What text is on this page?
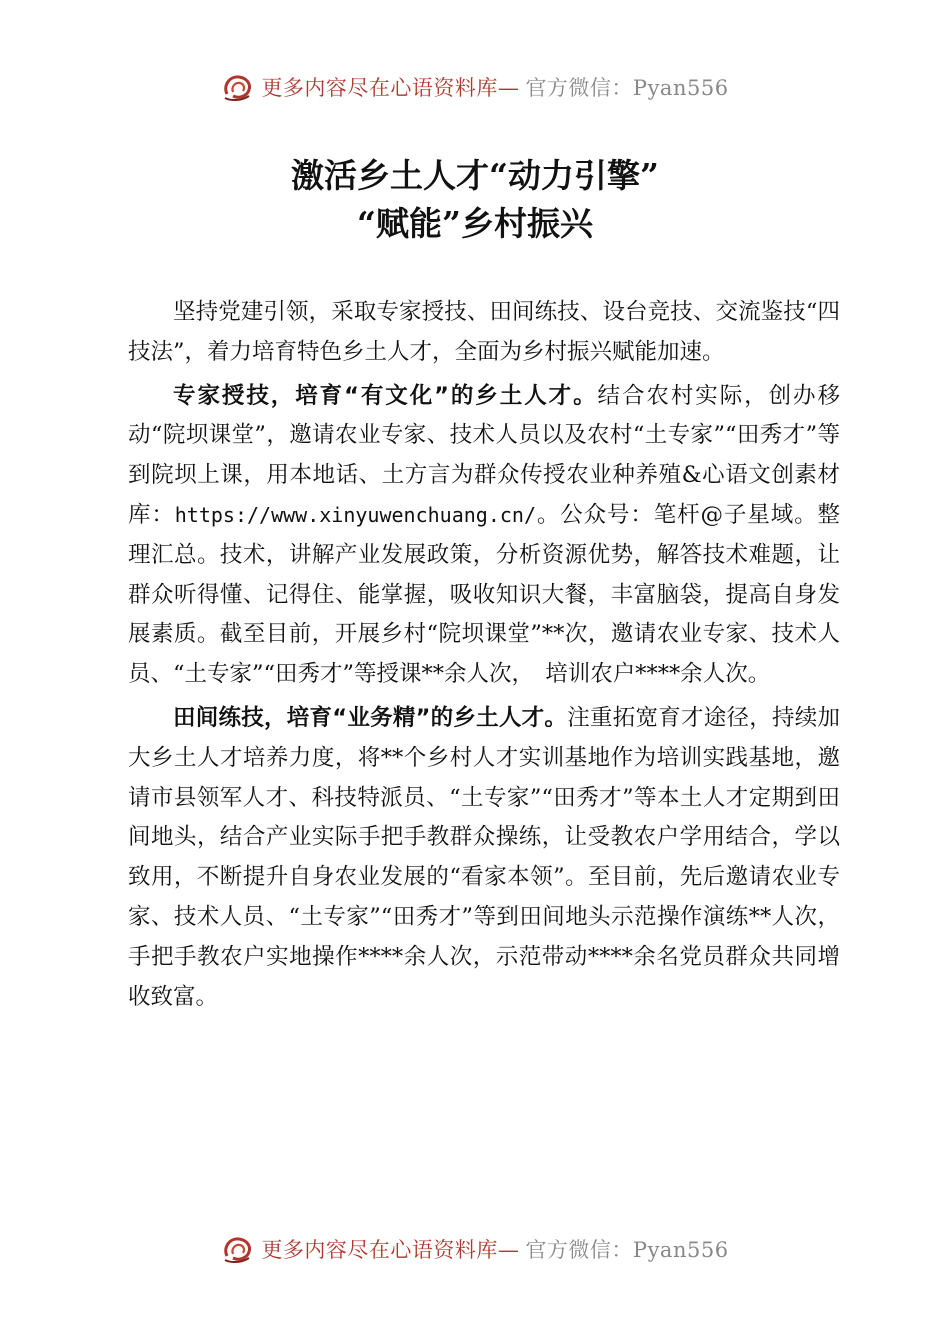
更多内容尽在心语资料库— 官方微信：Pyan556
激活乡土人才“动力引擎”
“赋能”乡村振兴

坚持党建引领，采取专家授技、田间练技、设台竞技、交流鉴技“四技法”，着力培育特色乡土人才，全面为乡村振兴赋能加速。

专家授技，培育“有文化”的乡土人才。结合农村实际，创办移动“院坝课堂”，邀请农业专家、技术人员以及农村“土专家”“田秀才”等到院坝上课，用本地话、土方言为群众传授农业种养殖&心语文创素材库：https://www.xinyuwenchuang.cn/。公众号：笔杆@子星域。整理汇总。技术，讲解产业发展政策，分析资源优势，解答技术难题，让群众听得懂、记得住、能掌握，吸收知识大餐，丰富脑袋，提高自身发展素质。截至目前，开展乡村“院坝课堂”**次，邀请农业专家、技术人员、“土专家”“田秀才”等授课**余人次，　培训农户****余人次。

田间练技，培育“业务精”的乡土人才。注重拓宽育才途径，持续加大乡土人才培养力度，将**个乡村人才实训基地作为培训实践基地，邀请市县领军人才、科技特派员、“土专家”“田秀才”等本土人才定期到田间地头，结合产业实际手把手教群众操练，让受教农户学用结合，学以致用，不断提升自身农业发展的“看家本领”。至目前，先后邀请农业专家、技术人员、“土专家”“田秀才”等到田间地头示范操作演练**人次，手把手教农户实地操作****余人次，示范带动****余名党员群众共同增收致富。

更多内容尽在心语资料库— 官方微信：Pyan556
